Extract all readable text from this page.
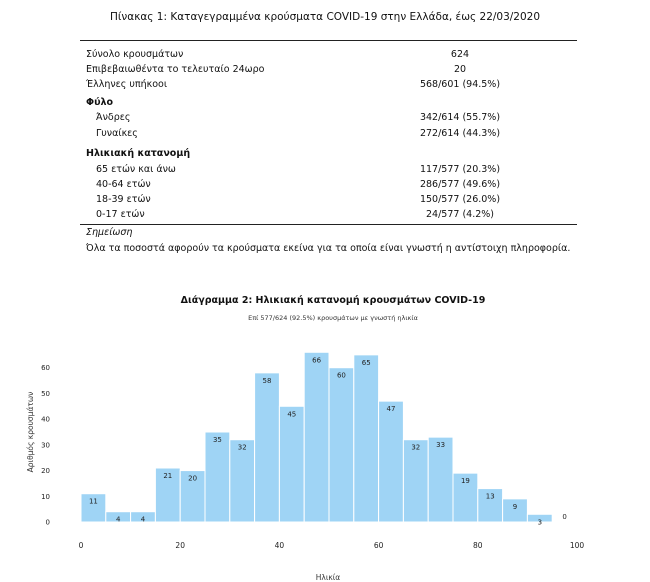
Πίνακας 1: Καταγεγραμμένα κρούσματα COVID-19 στην Ελλάδα, έως 22/03/2020
Σύνολο κρουσμάτων	624
Επιβεβαιωθέντα το τελευταίο 24ωρο	20
Έλληνες υπήκοοι	568/601 (94.5%)
Φύλο
Άνδρες	342/614 (55.7%)
Γυναίκες	272/614 (44.3%)
Ηλικιακή κατανομή
65 ετών και άνω	117/577 (20.3%)
40-64 ετών	286/577 (49.6%)
18-39 ετών	150/577 (26.0%)
0-17 ετών	24/577 (4.2%)
Σημείωση
Όλα τα ποσοστά αφορούν τα κρούσματα εκείνα για τα οποία είναι γνωστή η αντίστοιχη πληροφορία.
Διάγραμμα 2: Ηλικιακή κατανομή κρουσμάτων COVID-19
Επί 577/624 (92.5%) κρουσμάτων με γνωστή ηλικία
Αριθμός κρουσμάτων
Ηλικία
11
4	4
21 20
35
32
58
45
66
60
65
47
32 33
19
13
9
3
0
0
10
20
30
40
50
60
0	20	40	60	80	100
